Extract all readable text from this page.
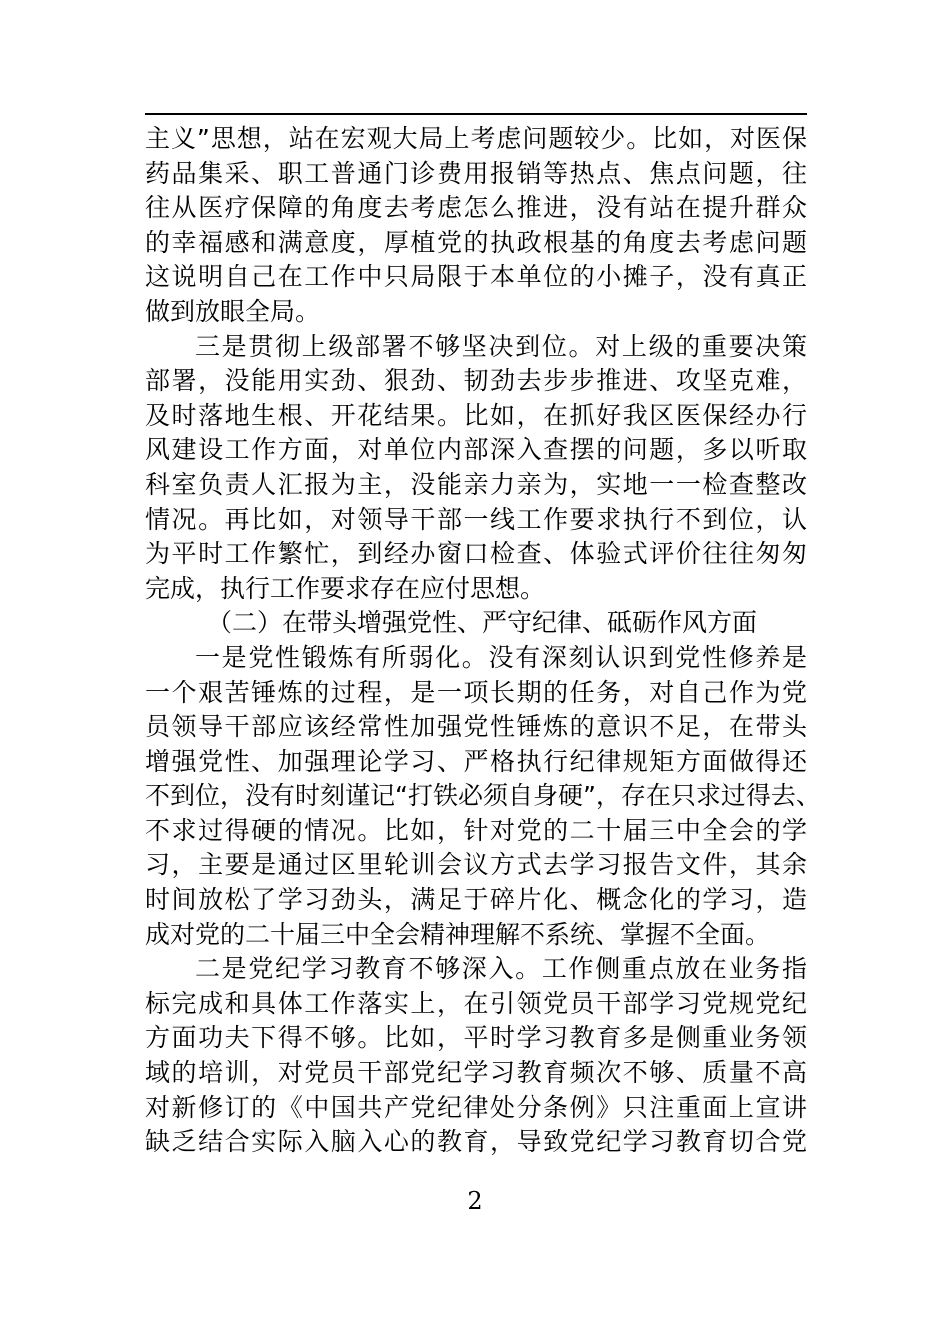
主义”思想，站在宏观大局上考虑问题较少。比如，对医保
药品集采、职工普通门诊费用报销等热点、焦点问题，往
往从医疗保障的角度去考虑怎么推进，没有站在提升群众
的幸福感和满意度，厚植党的执政根基的角度去考虑问题
这说明自己在工作中只局限于本单位的小摊子，没有真正
做到放眼全局。
三是贯彻上级部署不够坚决到位。对上级的重要决策
部署，没能用实劲、狠劲、韧劲去步步推进、攻坚克难，
及时落地生根、开花结果。比如，在抓好我区医保经办行
风建设工作方面，对单位内部深入查摆的问题，多以听取
科室负责人汇报为主，没能亲力亲为，实地一一检查整改
情况。再比如，对领导干部一线工作要求执行不到位，认
为平时工作繁忙，到经办窗口检查、体验式评价往往匆匆
完成，执行工作要求存在应付思想。
（二）在带头增强党性、严守纪律、砥砺作风方面
一是党性锻炼有所弱化。没有深刻认识到党性修养是
一个艰苦锤炼的过程，是一项长期的任务，对自己作为党
员领导干部应该经常性加强党性锤炼的意识不足，在带头
增强党性、加强理论学习、严格执行纪律规矩方面做得还
不到位，没有时刻谨记“打铁必须自身硬”，存在只求过得去、
不求过得硬的情况。比如，针对党的二十届三中全会的学
习，主要是通过区里轮训会议方式去学习报告文件，其余
时间放松了学习劲头，满足于碎片化、概念化的学习，造
成对党的二十届三中全会精神理解不系统、掌握不全面。
二是党纪学习教育不够深入。工作侧重点放在业务指
标完成和具体工作落实上，在引领党员干部学习党规党纪
方面功夫下得不够。比如，平时学习教育多是侧重业务领
域的培训，对党员干部党纪学习教育频次不够、质量不高
对新修订的《中国共产党纪律处分条例》只注重面上宣讲
缺乏结合实际入脑入心的教育，导致党纪学习教育切合党
2
